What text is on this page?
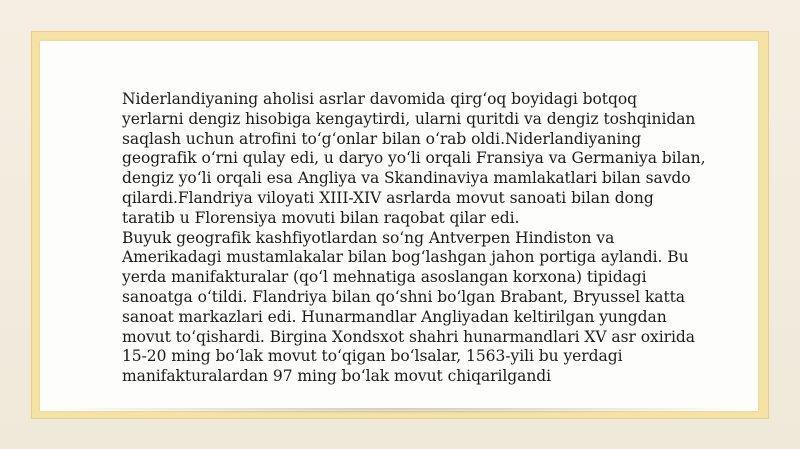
Niderlandiyaning aholisi asrlar davomida qirg‘oq boyidagi botqoq
yerlarni dengiz hisobiga kengaytirdi, ularni quritdi va dengiz toshqinidan
saqlash uchun atrofini to‘g‘onlar bilan o‘rab oldi.Niderlandiyaning
geografik o‘rni qulay edi, u daryo yo‘li orqali Fransiya va Germaniya bilan,
dengiz yo‘li orqali esa Angliya va Skandinaviya mamlakatlari bilan savdo
qilardi.Flandriya viloyati XIII-XIV asrlarda movut sanoati bilan dong
taratib u Florensiya movuti bilan raqobat qilar edi.

Buyuk geografik kashfiyotlardan so‘ng Antverpen Hindiston va
Amerikadagi mustamlakalar bilan bog‘lashgan jahon portiga aylandi. Bu
yerda manifakturalar (qo‘l mehnatiga asoslangan korxona) tipidagi
sanoatga o‘tildi. Flandriya bilan qo‘shni bo‘lgan Brabant, Bryussel katta
sanoat markazlari edi. Hunarmandlar Angliyadan keltirilgan yungdan
movut to‘qishardi. Birgina Xondsxot shahri hunarmandlari XV asr oxirida
15-20 ming bo‘lak movut to‘qigan bo‘lsalar, 1563-yili bu yerdagi
manifakturalardan 97 ming bo‘lak movut chiqarilgandi
